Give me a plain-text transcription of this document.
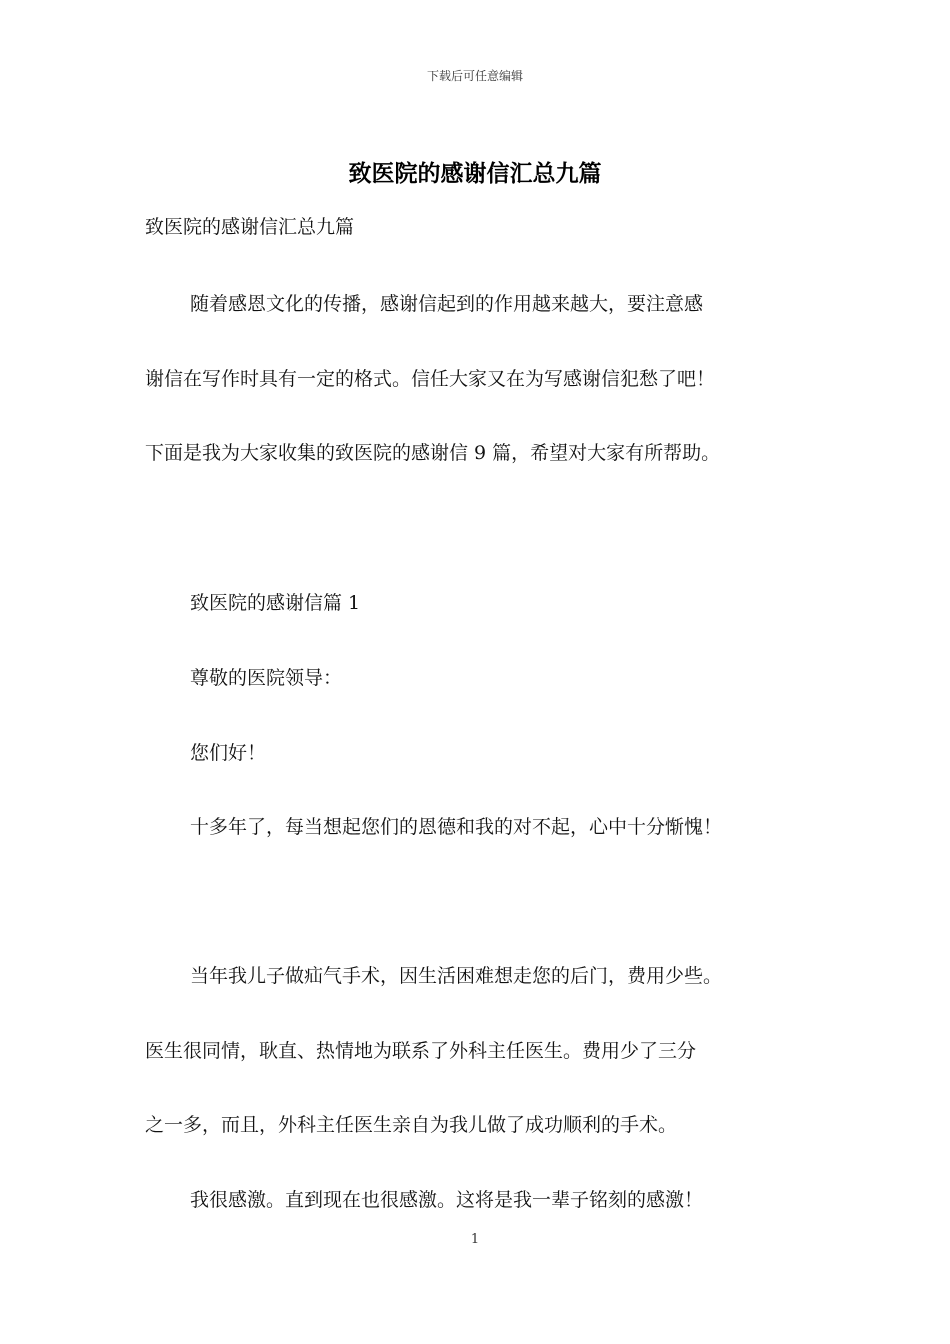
下载后可任意编辑
致医院的感谢信汇总九篇
致医院的感谢信汇总九篇
随着感恩文化的传播，感谢信起到的作用越来越大，要注意感
谢信在写作时具有一定的格式。信任大家又在为写感谢信犯愁了吧！
下面是我为大家收集的致医院的感谢信 9 篇，希望对大家有所帮助。
致医院的感谢信篇 1
尊敬的医院领导：
您们好！
十多年了，每当想起您们的恩德和我的对不起，心中十分惭愧！
当年我儿子做疝气手术，因生活困难想走您的后门，费用少些。
医生很同情，耿直、热情地为联系了外科主任医生。费用少了三分
之一多，而且，外科主任医生亲自为我儿做了成功顺利的手术。
我很感激。直到现在也很感激。这将是我一辈子铭刻的感激！
1
